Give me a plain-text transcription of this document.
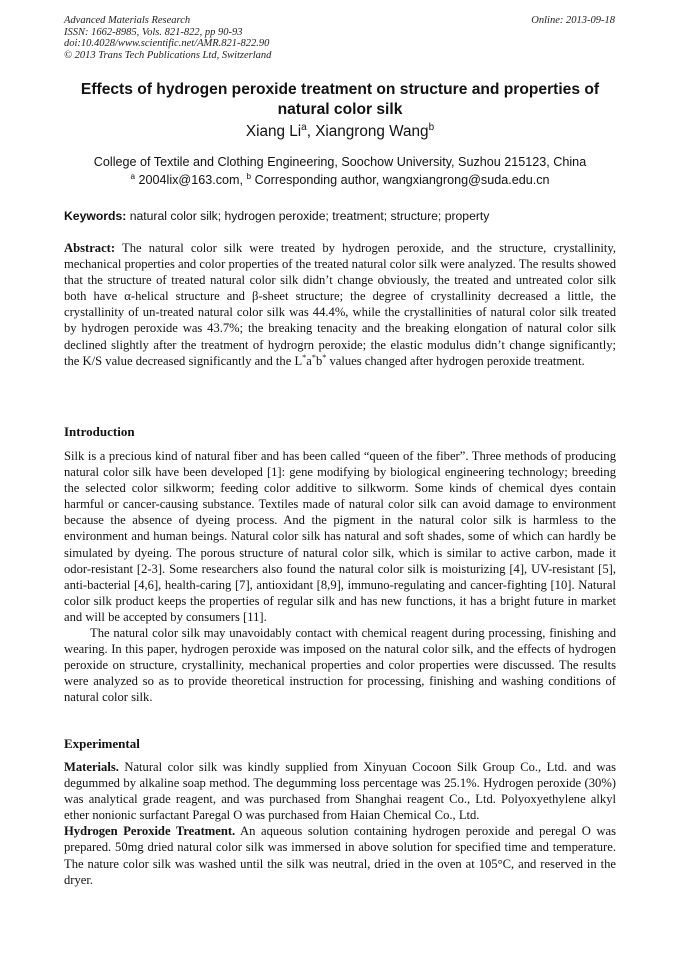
Advanced Materials Research
ISSN: 1662-8985, Vols. 821-822, pp 90-93
doi:10.4028/www.scientific.net/AMR.821-822.90
© 2013 Trans Tech Publications Ltd, Switzerland
Online: 2013-09-18
Effects of hydrogen peroxide treatment on structure and properties of natural color silk
Xiang Li$^a$, Xiangrong Wang$^b$
College of Textile and Clothing Engineering, Soochow University, Suzhou 215123, China
$^a$ 2004lix@163.com, $^b$ Corresponding author, wangxiangrong@suda.edu.cn
Keywords: natural color silk; hydrogen peroxide; treatment; structure; property

Abstract: The natural color silk were treated by hydrogen peroxide, and the structure, crystallinity, mechanical properties and color properties of the treated natural color silk were analyzed. The results showed that the structure of treated natural color silk didn’t change obviously, the treated and untreated color silk both have α-helical structure and β-sheet structure; the degree of crystallinity decreased a little, the crystallinity of un-treated natural color silk was 44.4%, while the crystallinities of natural color silk treated by hydrogen peroxide was 43.7%; the breaking tenacity and the breaking elongation of natural color silk declined slightly after the treatment of hydrogrn peroxide; the elastic modulus didn’t change significantly; the K/S value decreased significantly and the L*a*b* values changed after hydrogen peroxide treatment.

Introduction

Silk is a precious kind of natural fiber and has been called “queen of the fiber”. Three methods of producing natural color silk have been developed [1]: gene modifying by biological engineering technology; breeding the selected color silkworm; feeding color additive to silkworm. Some kinds of chemical dyes contain harmful or cancer-causing substance. Textiles made of natural color silk can avoid damage to environment because the absence of dyeing process. And the pigment in the natural color silk is harmless to the environment and human beings. Natural color silk has natural and soft shades, some of which can hardly be simulated by dyeing. The porous structure of natural color silk, which is similar to active carbon, made it odor-resistant [2-3]. Some researchers also found the natural color silk is moisturizing [4], UV-resistant [5], anti-bacterial [4,6], health-caring [7], antioxidant [8,9], immuno-regulating and cancer-fighting [10]. Natural color silk product keeps the properties of regular silk and has new functions, it has a bright future in market and will be accepted by consumers [11].

The natural color silk may unavoidably contact with chemical reagent during processing, finishing and wearing. In this paper, hydrogen peroxide was imposed on the natural color silk, and the effects of hydrogen peroxide on structure, crystallinity, mechanical properties and color properties were discussed. The results were analyzed so as to provide theoretical instruction for processing, finishing and washing conditions of natural color silk.

Experimental

Materials. Natural color silk was kindly supplied from Xinyuan Cocoon Silk Group Co., Ltd. and was degummed by alkaline soap method. The degumming loss percentage was 25.1%. Hydrogen peroxide (30%) was analytical grade reagent, and was purchased from Shanghai reagent Co., Ltd. Polyoxyethylene alkyl ether nonionic surfactant Paregal O was purchased from Haian Chemical Co., Ltd.

Hydrogen Peroxide Treatment. An aqueous solution containing hydrogen peroxide and peregal O was prepared. 50mg dried natural color silk was immersed in above solution for specified time and temperature. The nature color silk was washed until the silk was neutral, dried in the oven at 105°C, and reserved in the dryer.
